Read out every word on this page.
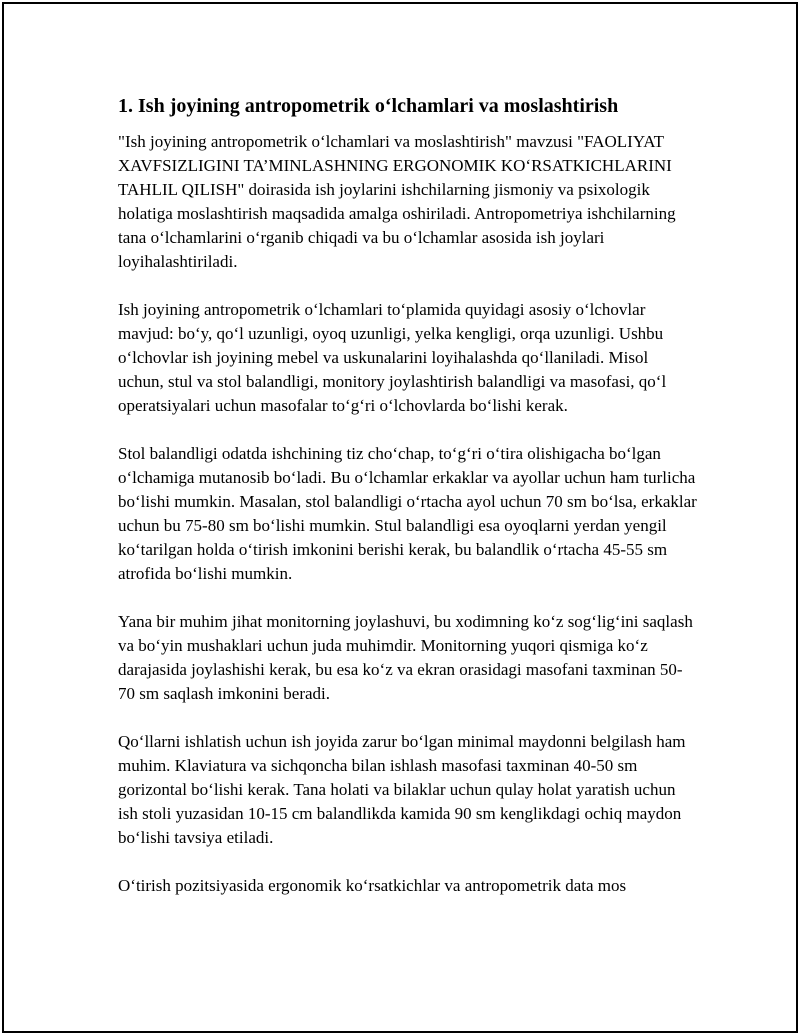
1. Ish joyining antropometrik o‘lchamlari va moslashtirish

"Ish joyining antropometrik o‘lchamlari va moslashtirish" mavzusi "FAOLIYAT XAVFSIZLIGINI TA’MINLASHNING ERGONOMIK KO‘RSATKICHLARINI TAHLIL QILISH" doirasida ish joylarini ishchilarning jismoniy va psixologik holatiga moslashtirish maqsadida amalga oshiriladi. Antropometriya ishchilarning tana o‘lchamlarini o‘rganib chiqadi va bu o‘lchamlar asosida ish joylari loyihalashtiriladi.

Ish joyining antropometrik o‘lchamlari to‘plamida quyidagi asosiy o‘lchovlar mavjud: bo‘y, qo‘l uzunligi, oyoq uzunligi, yelka kengligi, orqa uzunligi. Ushbu o‘lchovlar ish joyining mebel va uskunalarini loyihalashda qo‘llaniladi. Misol uchun, stul va stol balandligi, monitory joylashtirish balandligi va masofasi, qo‘l operatsiyalari uchun masofalar to‘g‘ri o‘lchovlarda bo‘lishi kerak.

Stol balandligi odatda ishchining tiz cho‘chap, to‘g‘ri o‘tira olishigacha bo‘lgan o‘lchamiga mutanosib bo‘ladi. Bu o‘lchamlar erkaklar va ayollar uchun ham turlicha bo‘lishi mumkin. Masalan, stol balandligi o‘rtacha ayol uchun 70 sm bo‘lsa, erkaklar uchun bu 75-80 sm bo‘lishi mumkin. Stul balandligi esa oyoqlarni yerdan yengil ko‘tarilgan holda o‘tirish imkonini berishi kerak, bu balandlik o‘rtacha 45-55 sm atrofida bo‘lishi mumkin.

Yana bir muhim jihat monitorning joylashuvi, bu xodimning ko‘z sog‘lig‘ini saqlash va bo‘yin mushaklari uchun juda muhimdir. Monitorning yuqori qismiga ko‘z darajasida joylashishi kerak, bu esa ko‘z va ekran orasidagi masofani taxminan 50-70 sm saqlash imkonini beradi.

Qo‘llarni ishlatish uchun ish joyida zarur bo‘lgan minimal maydonni belgilash ham muhim. Klaviatura va sichqoncha bilan ishlash masofasi taxminan 40-50 sm gorizontal bo‘lishi kerak. Tana holati va bilaklar uchun qulay holat yaratish uchun ish stoli yuzasidan 10-15 cm balandlikda kamida 90 sm kenglikdagi ochiq maydon bo‘lishi tavsiya etiladi.

O‘tirish pozitsiyasida ergonomik ko‘rsatkichlar va antropometrik data mos
